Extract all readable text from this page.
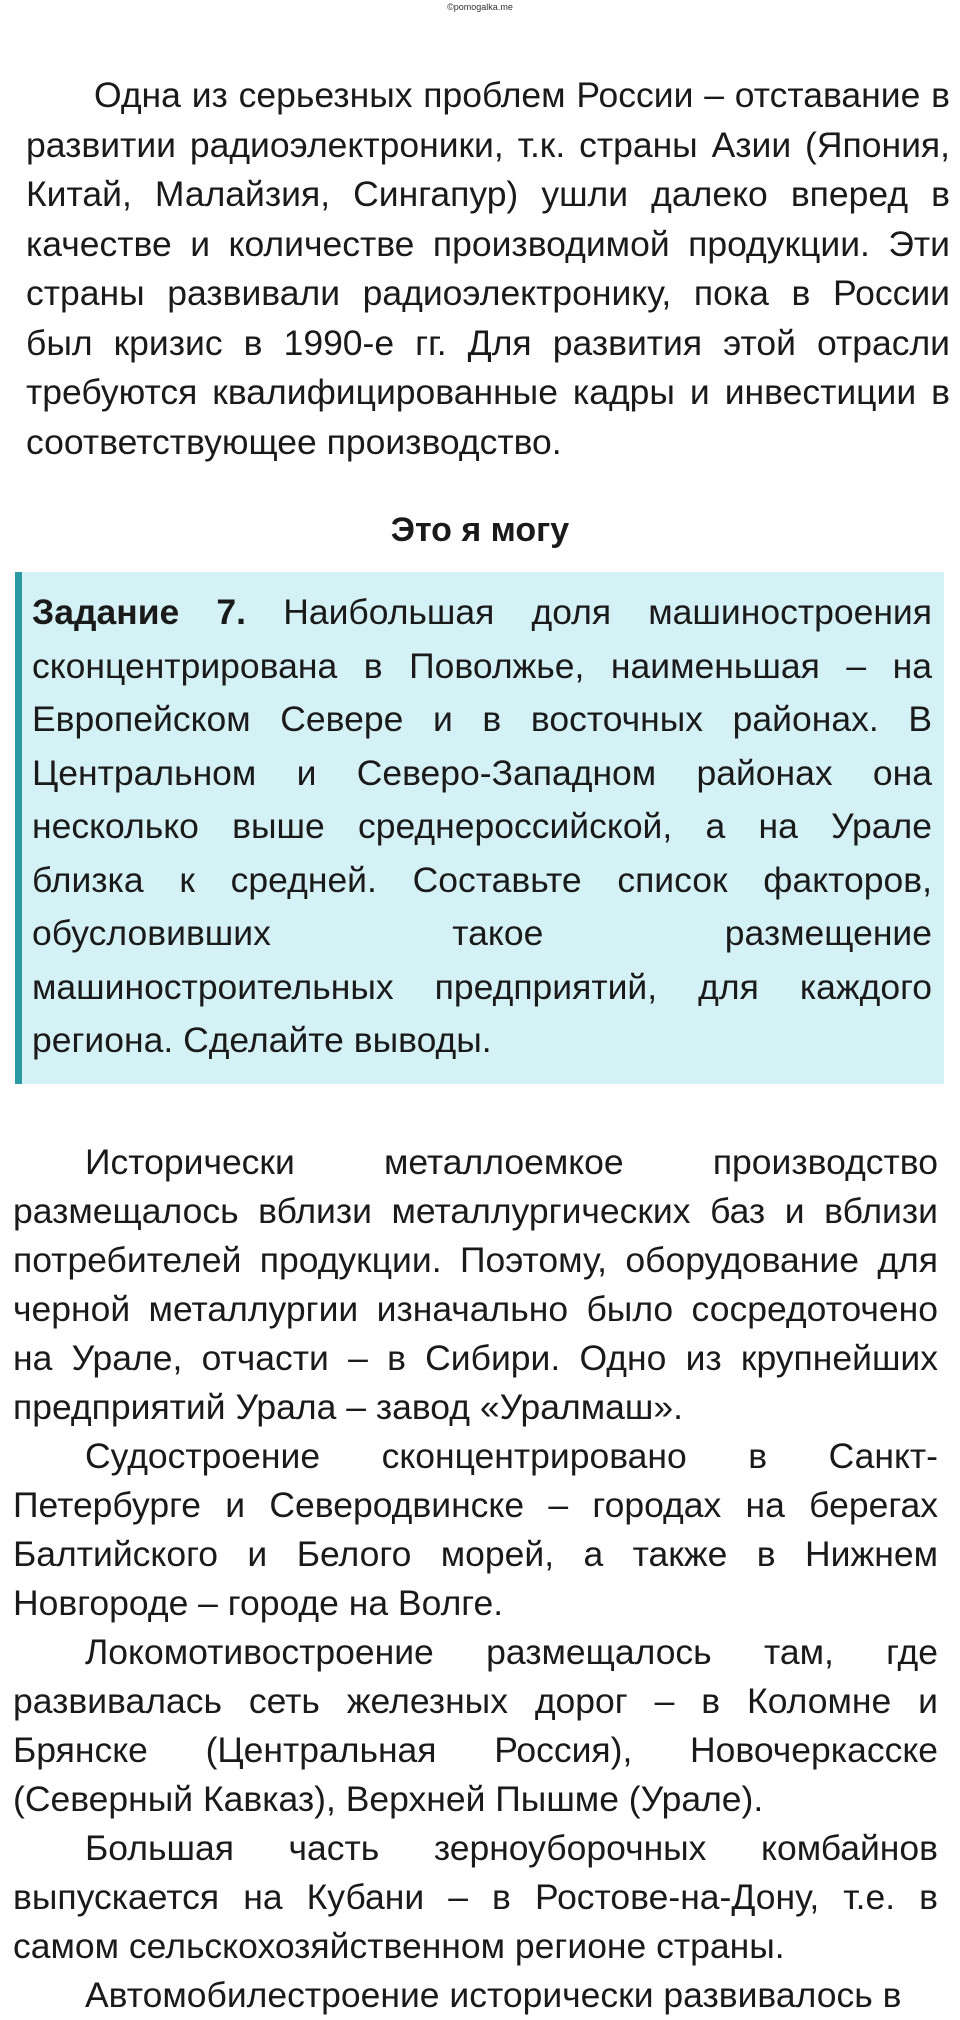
©pomogalka.me

Одна из серьезных проблем России – отставание в развитии радиоэлектроники, т.к. страны Азии (Япония, Китай, Малайзия, Сингапур) ушли далеко вперед в качестве и количестве производимой продукции. Эти страны развивали радиоэлектронику, пока в России был кризис в 1990-е гг. Для развития этой отрасли требуются квалифицированные кадры и инвестиции в соответствующее производство.

Это я могу

Задание 7. Наибольшая доля машиностроения сконцентрирована в Поволжье, наименьшая – на Европейском Севере и в восточных районах. В Центральном и Северо-Западном районах она несколько выше среднероссийской, а на Урале близка к средней. Составьте список факторов, обусловивших такое размещение машиностроительных предприятий, для каждого региона. Сделайте выводы.

Исторически металлоемкое производство размещалось вблизи металлургических баз и вблизи потребителей продукции. Поэтому, оборудование для черной металлургии изначально было сосредоточено на Урале, отчасти – в Сибири. Одно из крупнейших предприятий Урала – завод «Уралмаш».

Судостроение сконцентрировано в Санкт-Петербурге и Северодвинске – городах на берегах Балтийского и Белого морей, а также в Нижнем Новгороде – городе на Волге.

Локомотивостроение размещалось там, где развивалась сеть железных дорог – в Коломне и Брянске (Центральная Россия), Новочеркасске (Северный Кавказ), Верхней Пышме (Урале).

Большая часть зерноуборочных комбайнов выпускается на Кубани – в Ростове-на-Дону, т.е. в самом сельскохозяйственном регионе страны.

Автомобилестроение исторически развивалось в
